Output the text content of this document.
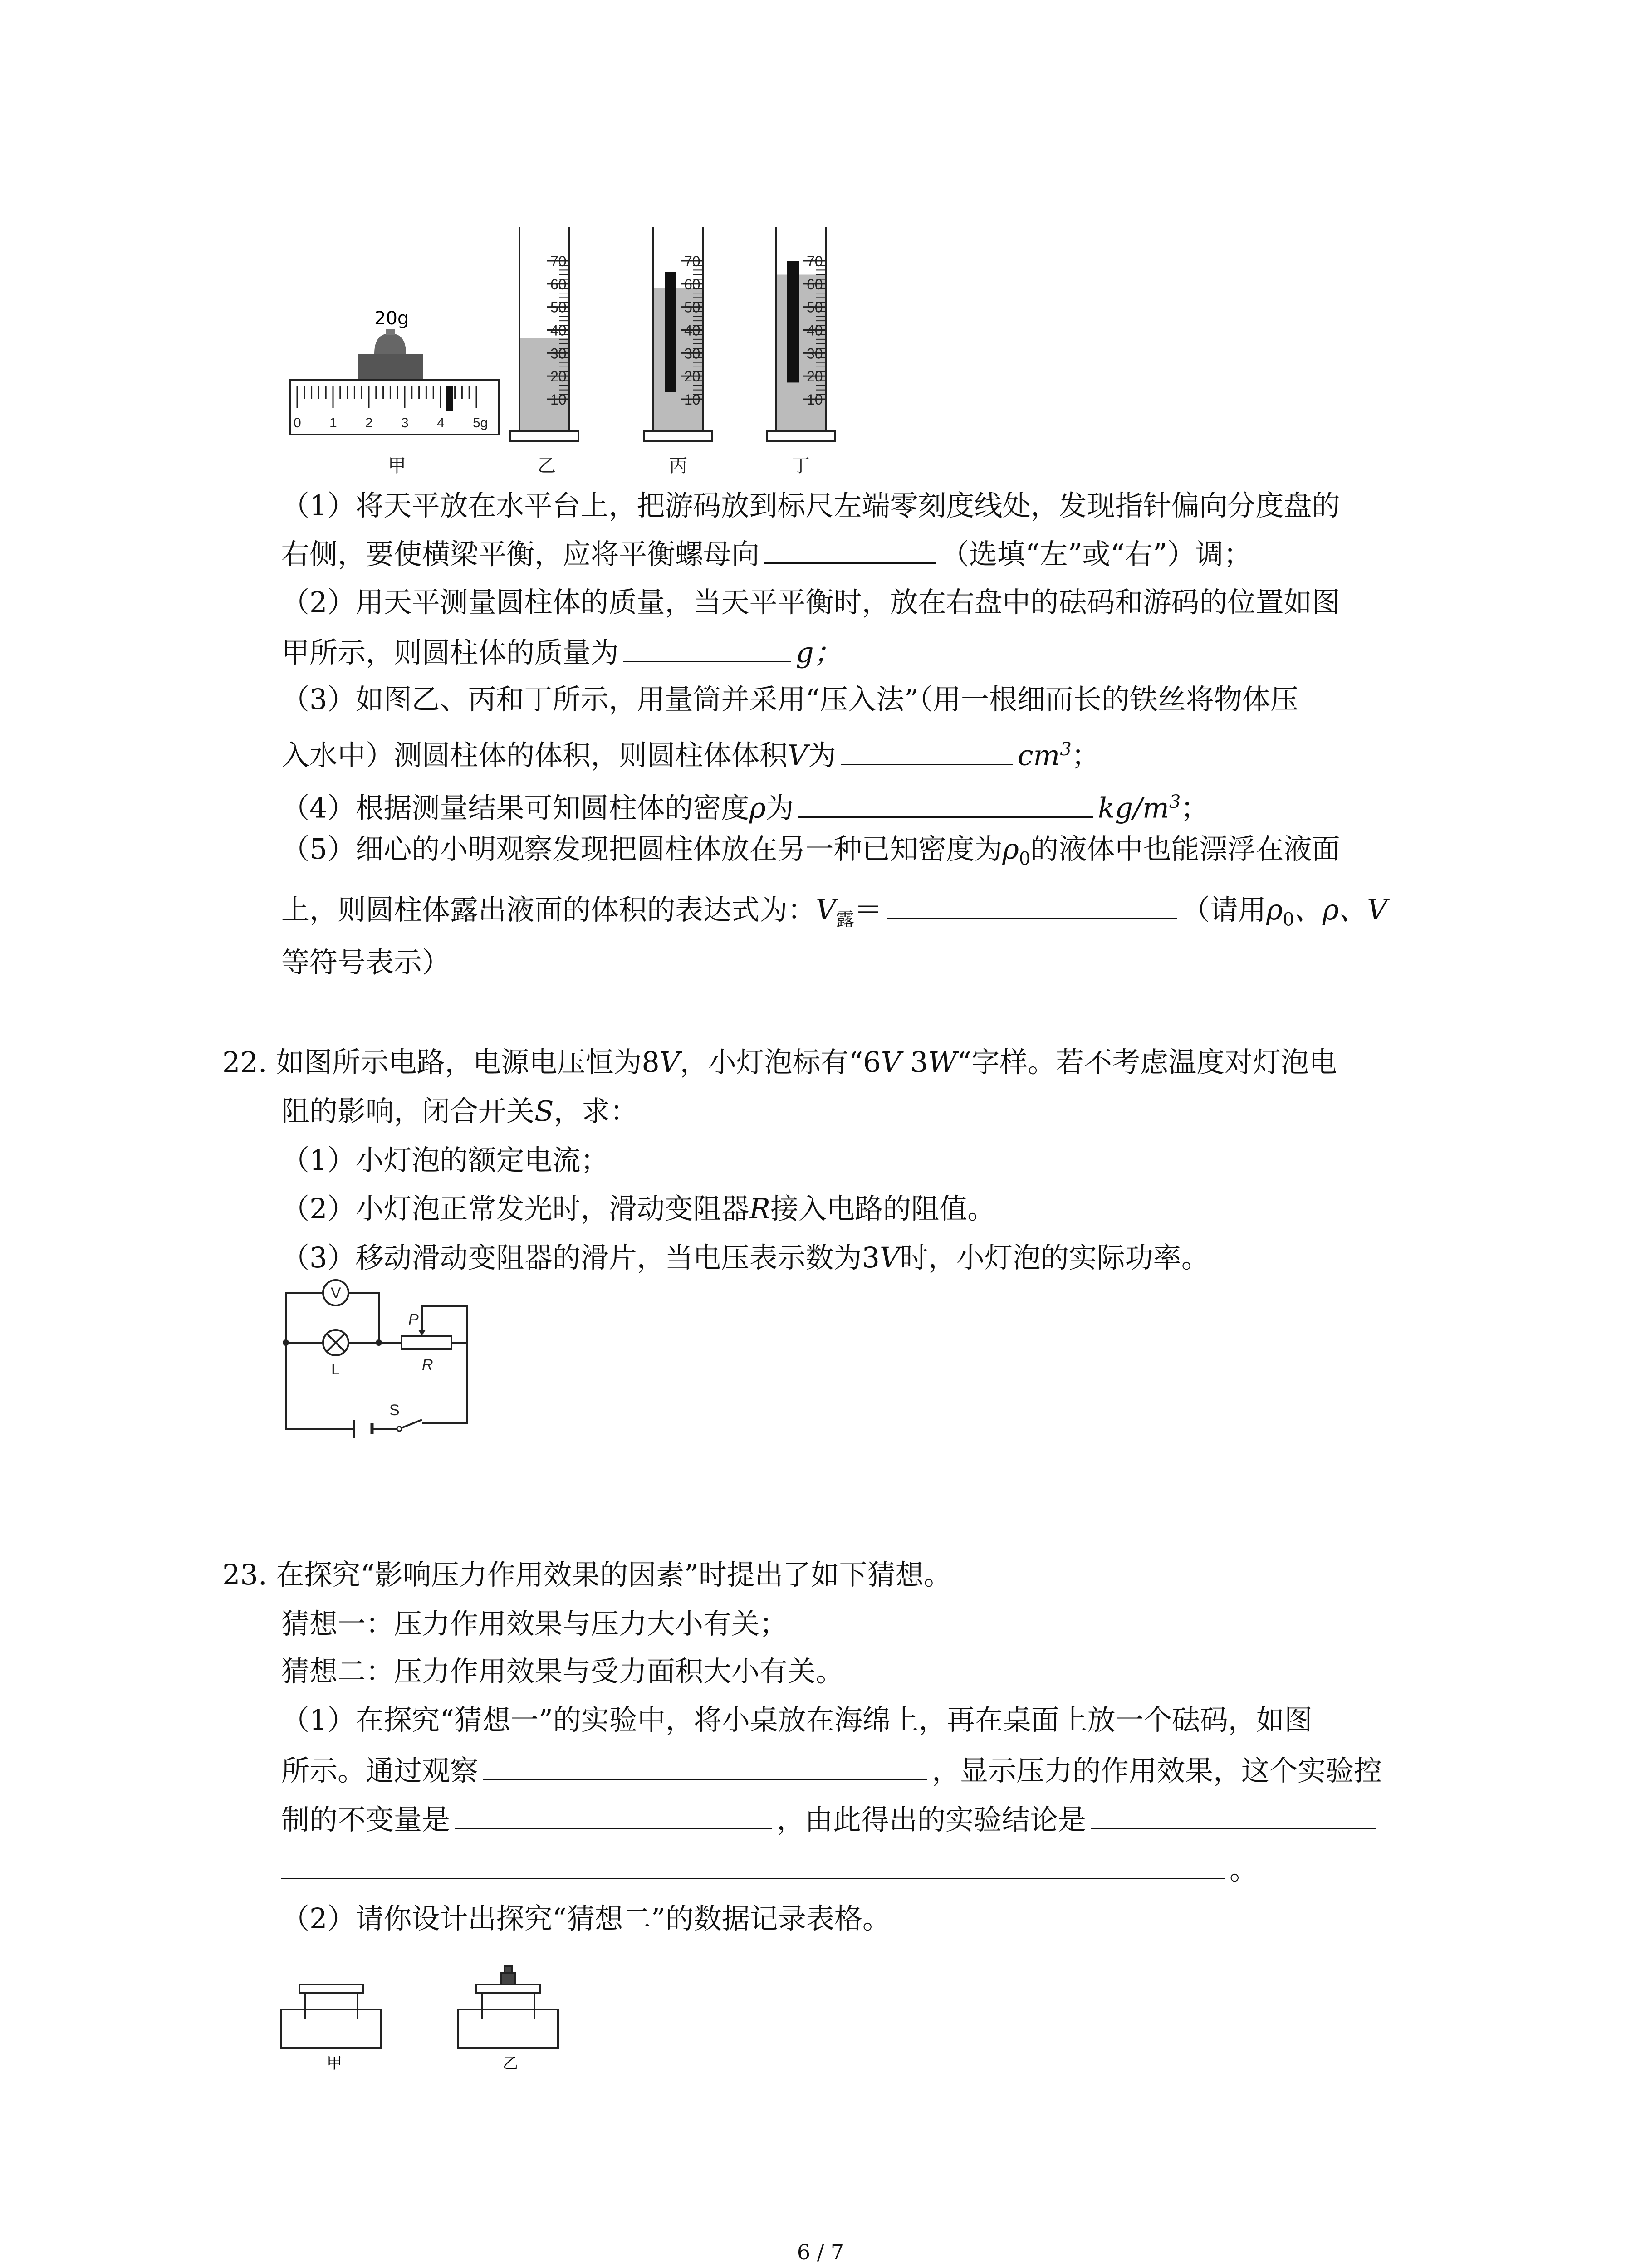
20g
0 1 2 3 4 5g
70
60
50
40
30
20
10
70
60
50
40
30
20
10
70
60
50
40
30
20
10
甲	乙	丙	丁
（1）将天平放在水平台上，把游码放到标尺左端零刻度线处，发现指针偏向分度盘的
右侧，要使横梁平衡，应将平衡螺母向	（选填“左”或“右”）调；
（2）用天平测量圆柱体的质量，当天平平衡时，放在右盘中的砝码和游码的位置如图
甲所示，则圆柱体的质量为	g；
（3）如图乙、丙和丁所示，用量筒并采用“压入法”（用一根细而长的铁丝将物体压
入水中）测圆柱体的体积，则圆柱体体积V为	$cm^3$；
（4）根据测量结果可知圆柱体的密度ρ为	$kg/m^3$；
（5）细心的小明观察发现把圆柱体放在另一种已知密度为$\rho_0$的液体中也能漂浮在液面
上，则圆柱体露出液面的体积的表达式为：$V_露=$	（请用$\rho_0$、ρ、V
等符号表示）
22. 如图所示电路，电源电压恒为8V，小灯泡标有“6V 3W“字样。若不考虑温度对灯泡电
阻的影响，闭合开关S，求：
（1）小灯泡的额定电流；
（2）小灯泡正常发光时，滑动变阻器R接入电路的阻值。
（3）移动滑动变阻器的滑片，当电压表示数为3V时，小灯泡的实际功率。
V
L
P
R
S
23. 在探究“影响压力作用效果的因素”时提出了如下猜想。
猜想一：压力作用效果与压力大小有关；
猜想二：压力作用效果与受力面积大小有关。
（1）在探究“猜想一”的实验中，将小桌放在海绵上，再在桌面上放一个砝码，如图
所示。通过观察	，显示压力的作用效果，这个实验控
制的不变量是	，由此得出的实验结论是
。
（2）请你设计出探究“猜想二”的数据记录表格。
甲	乙
6 / 7
